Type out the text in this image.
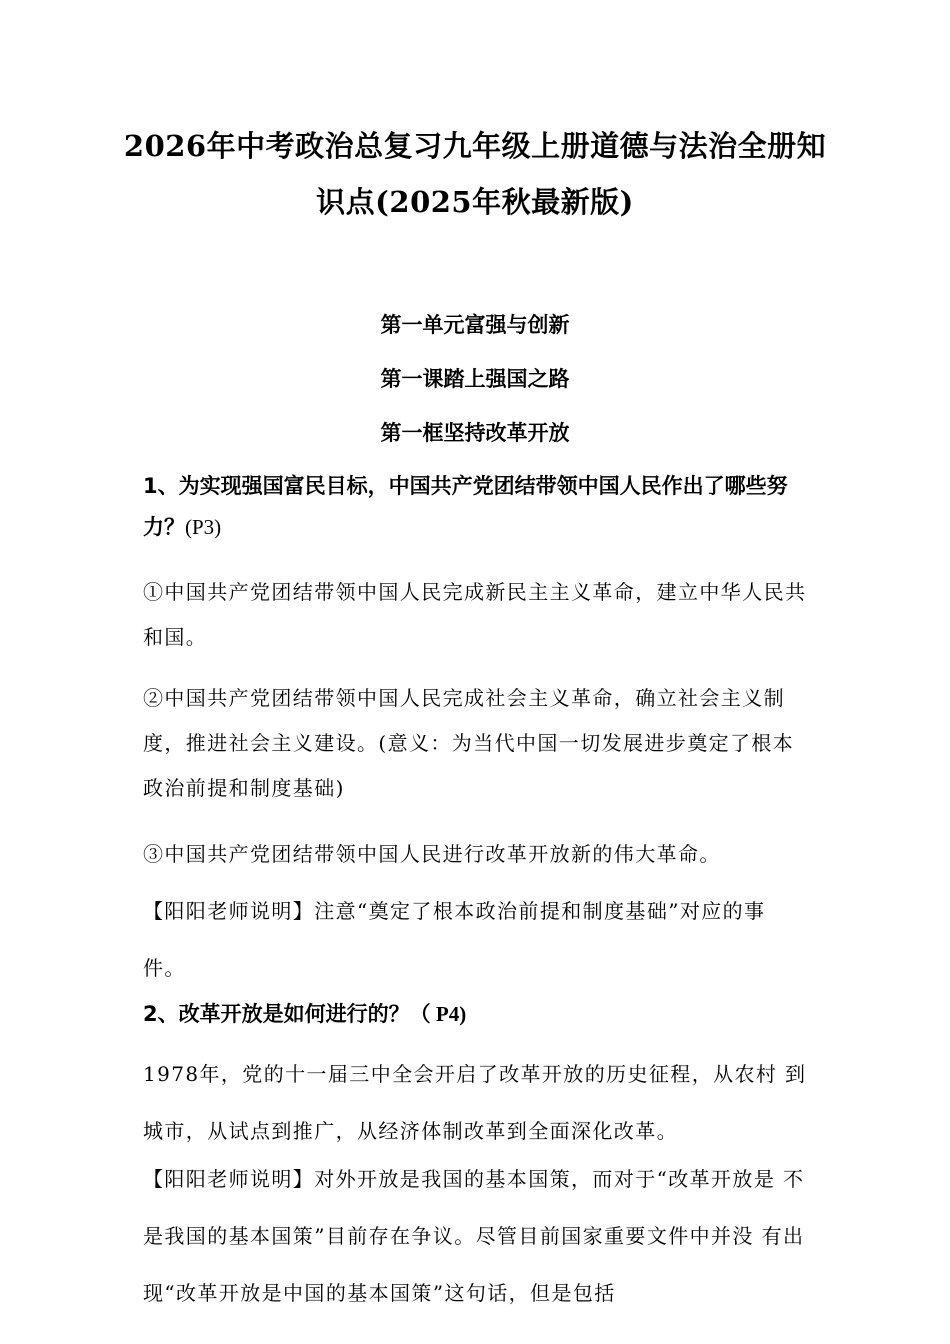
2026年中考政治总复习九年级上册道德与法治全册知识点(2025年秋最新版)
第一单元富强与创新
第一课踏上强国之路
第一框坚持改革开放
1、为实现强国富民目标，中国共产党团结带领中国人民作出了哪些努力？(P3)
①中国共产党团结带领中国人民完成新民主主义革命，建立中华人民共和国。
②中国共产党团结带领中国人民完成社会主义革命，确立社会主义制度，推进社会主义建设。(意义：为当代中国一切发展进步奠定了根本政治前提和制度基础)
③中国共产党团结带领中国人民进行改革开放新的伟大革命。
【阳阳老师说明】注意“奠定了根本政治前提和制度基础”对应的事件。
2、改革开放是如何进行的？（ P4)
1978年，党的十一届三中全会开启了改革开放的历史征程，从农村 到城市，从试点到推广，从经济体制改革到全面深化改革。
【阳阳老师说明】对外开放是我国的基本国策，而对于“改革开放是 不是我国的基本国策”目前存在争议。尽管目前国家重要文件中并没 有出现“改革开放是中国的基本国策”这句话，但是包括
